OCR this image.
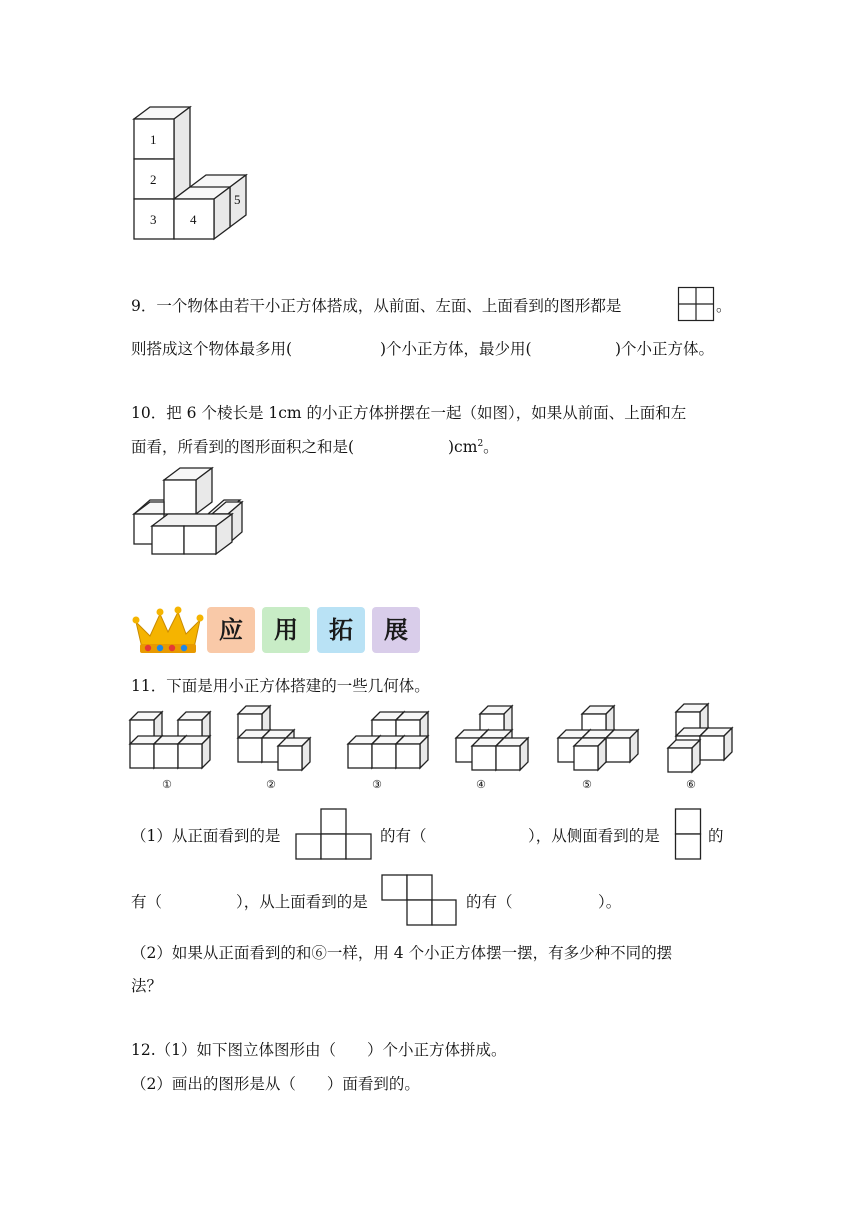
1
2
3	4
5
9．一个物体由若干小正方体搭成，从前面、左面、上面看到的图形都是	。
则搭成这个物体最多用(	)个小正方体，最少用(	)个小正方体。
10．把 6 个棱长是 1cm 的小正方体拼摆在一起（如图），如果从前面、上面和左
面看，所看到的图形面积之和是(	)$cm^2$。
应	用	拓	展
11．下面是用小正方体搭建的一些几何体。
①	②	③	④	⑤	⑥
（1）从正面看到的是	的有（	），从侧面看到的是	的
有（	），从上面看到的是	的有（	）。
（2）如果从正面看到的和⑥一样，用 4 个小正方体摆一摆，有多少种不同的摆
法？
12.（1）如下图立体图形由（　　）个小正方体拼成。
（2）画出的图形是从（　　）面看到的。
